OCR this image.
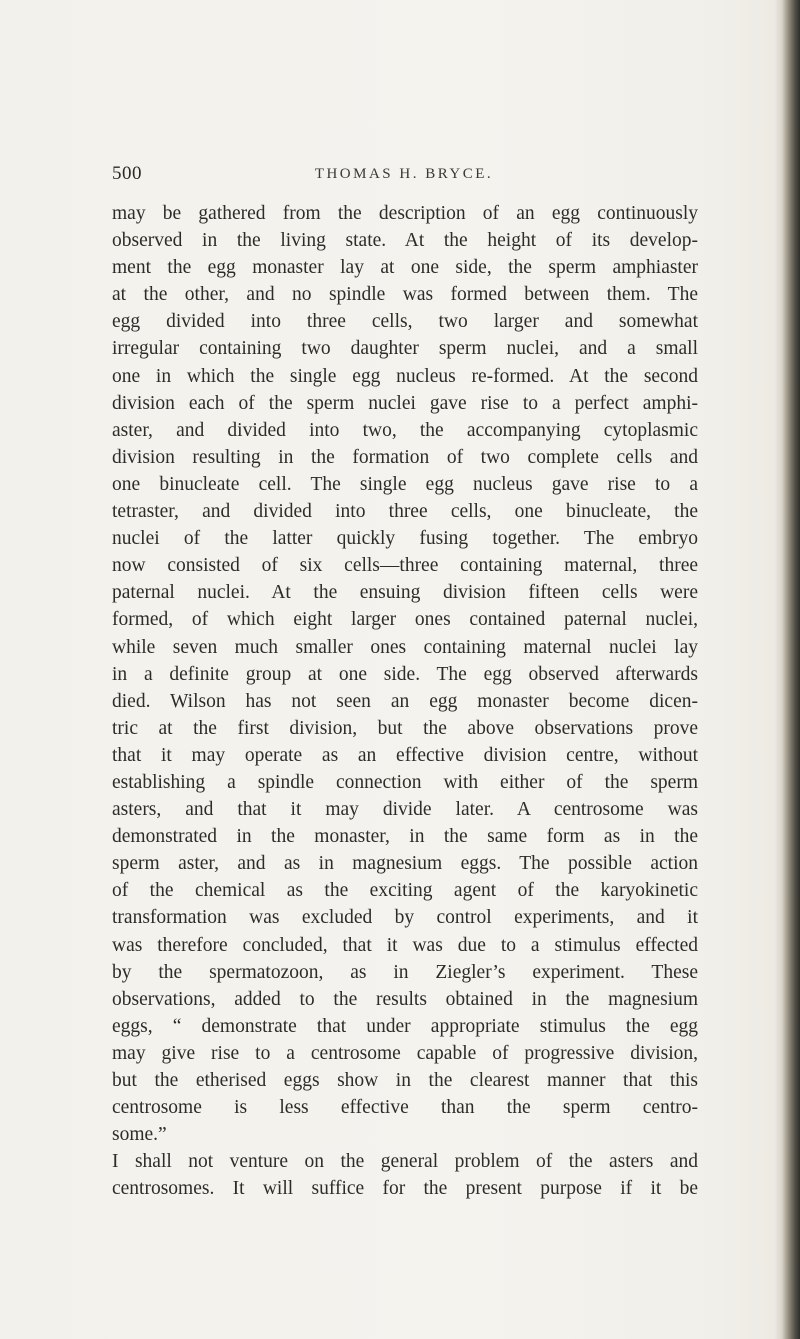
500	THOMAS H. BRYCE.
may be gathered from the description of an egg continuously
observed in the living state. At the height of its develop-
ment the egg monaster lay at one side, the sperm amphiaster
at the other, and no spindle was formed between them. The
egg divided into three cells, two larger and somewhat
irregular containing two daughter sperm nuclei, and a small
one in which the single egg nucleus re-formed. At the second
division each of the sperm nuclei gave rise to a perfect amphi-
aster, and divided into two, the accompanying cytoplasmic
division resulting in the formation of two complete cells and
one binucleate cell. The single egg nucleus gave rise to a
tetraster, and divided into three cells, one binucleate, the
nuclei of the latter quickly fusing together. The embryo
now consisted of six cells—three containing maternal, three
paternal nuclei. At the ensuing division fifteen cells were
formed, of which eight larger ones contained paternal nuclei,
while seven much smaller ones containing maternal nuclei lay
in a definite group at one side. The egg observed afterwards
died. Wilson has not seen an egg monaster become dicen-
tric at the first division, but the above observations prove
that it may operate as an effective division centre, without
establishing a spindle connection with either of the sperm
asters, and that it may divide later. A centrosome was
demonstrated in the monaster, in the same form as in the
sperm aster, and as in magnesium eggs. The possible action
of the chemical as the exciting agent of the karyokinetic
transformation was excluded by control experiments, and it
was therefore concluded, that it was due to a stimulus effected
by the spermatozoon, as in Ziegler’s experiment. These
observations, added to the results obtained in the magnesium
eggs, “ demonstrate that under appropriate stimulus the egg
may give rise to a centrosome capable of progressive division,
but the etherised eggs show in the clearest manner that this
centrosome is less effective than the sperm centro-
some.”
I shall not venture on the general problem of the asters and
centrosomes. It will suffice for the present purpose if it be
